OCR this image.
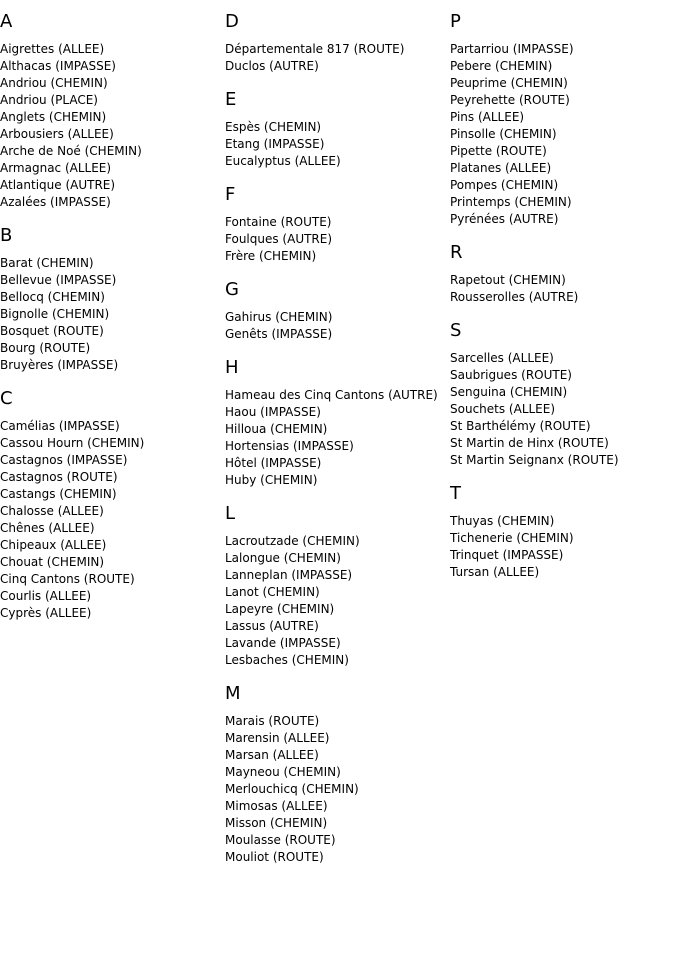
A
Aigrettes (ALLEE)
Althacas (IMPASSE)
Andriou (CHEMIN)
Andriou (PLACE)
Anglets (CHEMIN)
Arbousiers (ALLEE)
Arche de Noé (CHEMIN)
Armagnac (ALLEE)
Atlantique (AUTRE)
Azalées (IMPASSE)
B
Barat (CHEMIN)
Bellevue (IMPASSE)
Bellocq (CHEMIN)
Bignolle (CHEMIN)
Bosquet (ROUTE)
Bourg (ROUTE)
Bruyères (IMPASSE)
C
Camélias (IMPASSE)
Cassou Hourn (CHEMIN)
Castagnos (IMPASSE)
Castagnos (ROUTE)
Castangs (CHEMIN)
Chalosse (ALLEE)
Chênes (ALLEE)
Chipeaux (ALLEE)
Chouat (CHEMIN)
Cinq Cantons (ROUTE)
Courlis (ALLEE)
Cyprès (ALLEE)
D
Départementale 817 (ROUTE)
Duclos (AUTRE)
E
Espès (CHEMIN)
Etang (IMPASSE)
Eucalyptus (ALLEE)
F
Fontaine (ROUTE)
Foulques (AUTRE)
Frère (CHEMIN)
G
Gahirus (CHEMIN)
Genêts (IMPASSE)
H
Hameau des Cinq Cantons (AUTRE)
Haou (IMPASSE)
Hilloua (CHEMIN)
Hortensias (IMPASSE)
Hôtel (IMPASSE)
Huby (CHEMIN)
L
Lacroutzade (CHEMIN)
Lalongue (CHEMIN)
Lanneplan (IMPASSE)
Lanot (CHEMIN)
Lapeyre (CHEMIN)
Lassus (AUTRE)
Lavande (IMPASSE)
Lesbaches (CHEMIN)
M
Marais (ROUTE)
Marensin (ALLEE)
Marsan (ALLEE)
Mayneou (CHEMIN)
Merlouchicq (CHEMIN)
Mimosas (ALLEE)
Misson (CHEMIN)
Moulasse (ROUTE)
Mouliot (ROUTE)
P
Partarriou (IMPASSE)
Pebere (CHEMIN)
Peuprime (CHEMIN)
Peyrehette (ROUTE)
Pins (ALLEE)
Pinsolle (CHEMIN)
Pipette (ROUTE)
Platanes (ALLEE)
Pompes (CHEMIN)
Printemps (CHEMIN)
Pyrénées (AUTRE)
R
Rapetout (CHEMIN)
Rousserolles (AUTRE)
S
Sarcelles (ALLEE)
Saubrigues (ROUTE)
Senguina (CHEMIN)
Souchets (ALLEE)
St Barthélémy (ROUTE)
St Martin de Hinx (ROUTE)
St Martin Seignanx (ROUTE)
T
Thuyas (CHEMIN)
Tichenerie (CHEMIN)
Trinquet (IMPASSE)
Tursan (ALLEE)
